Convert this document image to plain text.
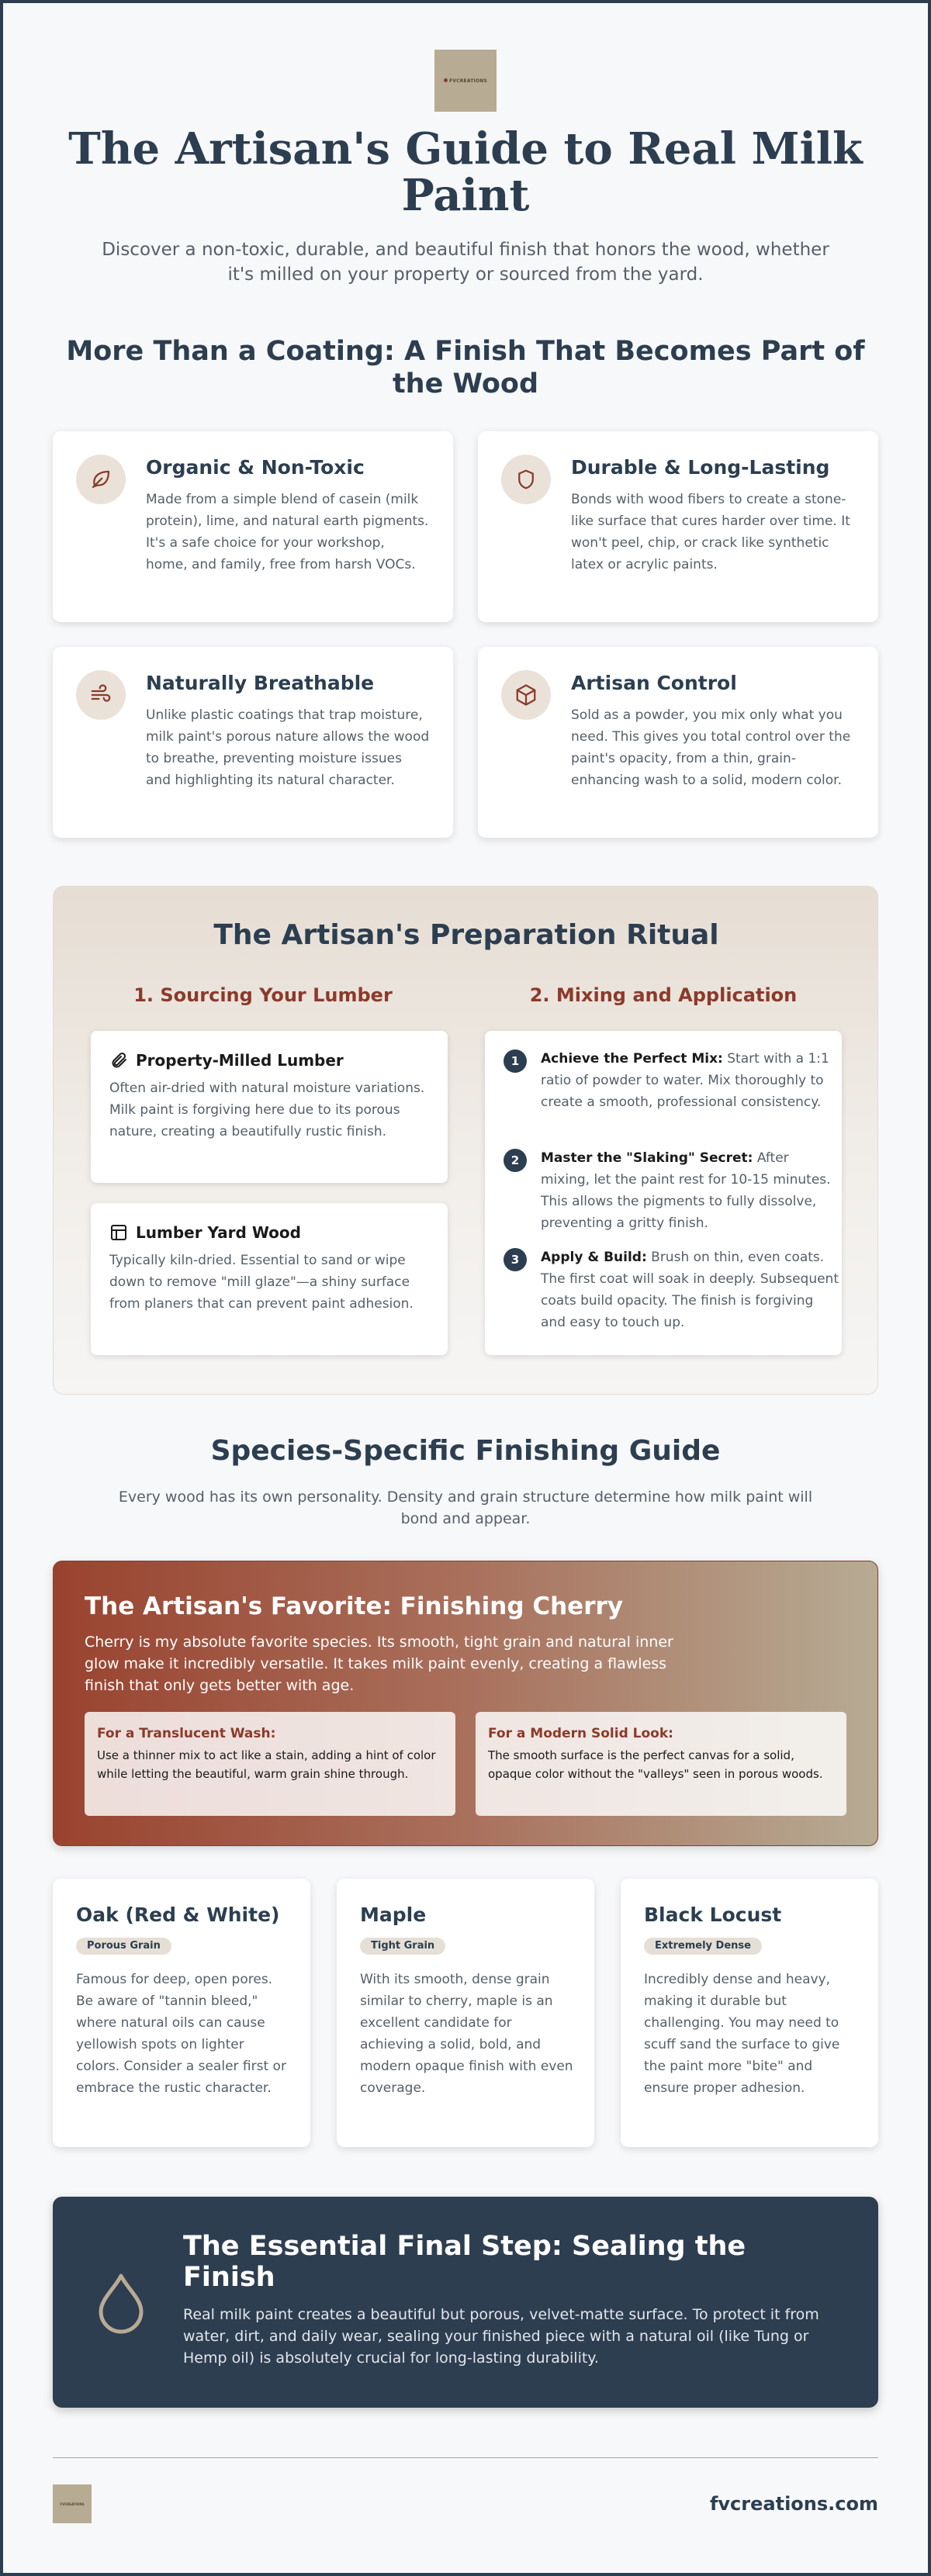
FVCREATIONS
The Artisan's Guide to Real Milk Paint

Discover a non-toxic, durable, and beautiful finish that honors the wood, whether it's milled on your property or sourced from the yard.

More Than a Coating: A Finish That Becomes Part of the Wood
Organic & Non-Toxic

Made from a simple blend of casein (milk protein), lime, and natural earth pigments. It's a safe choice for your workshop, home, and family, free from harsh VOCs.

Durable & Long-Lasting

Bonds with wood fibers to create a stone-like surface that cures harder over time. It won't peel, chip, or crack like synthetic latex or acrylic paints.

Naturally Breathable

Unlike plastic coatings that trap moisture, milk paint's porous nature allows the wood to breathe, preventing moisture issues and highlighting its natural character.

Artisan Control

Sold as a powder, you mix only what you need. This gives you total control over the paint's opacity, from a thin, grain-enhancing wash to a solid, modern color.

The Artisan's Preparation Ritual
1. Sourcing Your Lumber	2. Mixing and Application
Property-Milled Lumber

Often air-dried with natural moisture variations. Milk paint is forgiving here due to its porous nature, creating a beautifully rustic finish.

Lumber Yard Wood

Typically kiln-dried. Essential to sand or wipe down to remove "mill glaze"—a shiny surface from planers that can prevent paint adhesion.

1	Achieve the Perfect Mix: Start with a 1:1 ratio of powder to water. Mix thoroughly to create a smooth, professional consistency.

2	Master the "Slaking" Secret: After mixing, let the paint rest for 10-15 minutes. This allows the pigments to fully dissolve, preventing a gritty finish.

3	Apply & Build: Brush on thin, even coats. The first coat will soak in deeply. Subsequent coats build opacity. The finish is forgiving and easy to touch up.

Species-Specific Finishing Guide

Every wood has its own personality. Density and grain structure determine how milk paint will bond and appear.

The Artisan's Favorite: Finishing Cherry

Cherry is my absolute favorite species. Its smooth, tight grain and natural inner glow make it incredibly versatile. It takes milk paint evenly, creating a flawless finish that only gets better with age.

For a Translucent Wash:

Use a thinner mix to act like a stain, adding a hint of color while letting the beautiful, warm grain shine through.

For a Modern Solid Look:

The smooth surface is the perfect canvas for a solid, opaque color without the "valleys" seen in porous woods.

Oak (Red & White)
Porous Grain

Famous for deep, open pores. Be aware of "tannin bleed," where natural oils can cause yellowish spots on lighter colors. Consider a sealer first or embrace the rustic character.

Maple
Tight Grain

With its smooth, dense grain similar to cherry, maple is an excellent candidate for achieving a solid, bold, and modern opaque finish with even coverage.

Black Locust
Extremely Dense

Incredibly dense and heavy, making it durable but challenging. You may need to scuff sand the surface to give the paint more "bite" and ensure proper adhesion.

The Essential Final Step: Sealing the Finish

Real milk paint creates a beautiful but porous, velvet-matte surface. To protect it from water, dirt, and daily wear, sealing your finished piece with a natural oil (like Tung or Hemp oil) is absolutely crucial for long-lasting durability.

FVCREATIONS	fvcreations.com
